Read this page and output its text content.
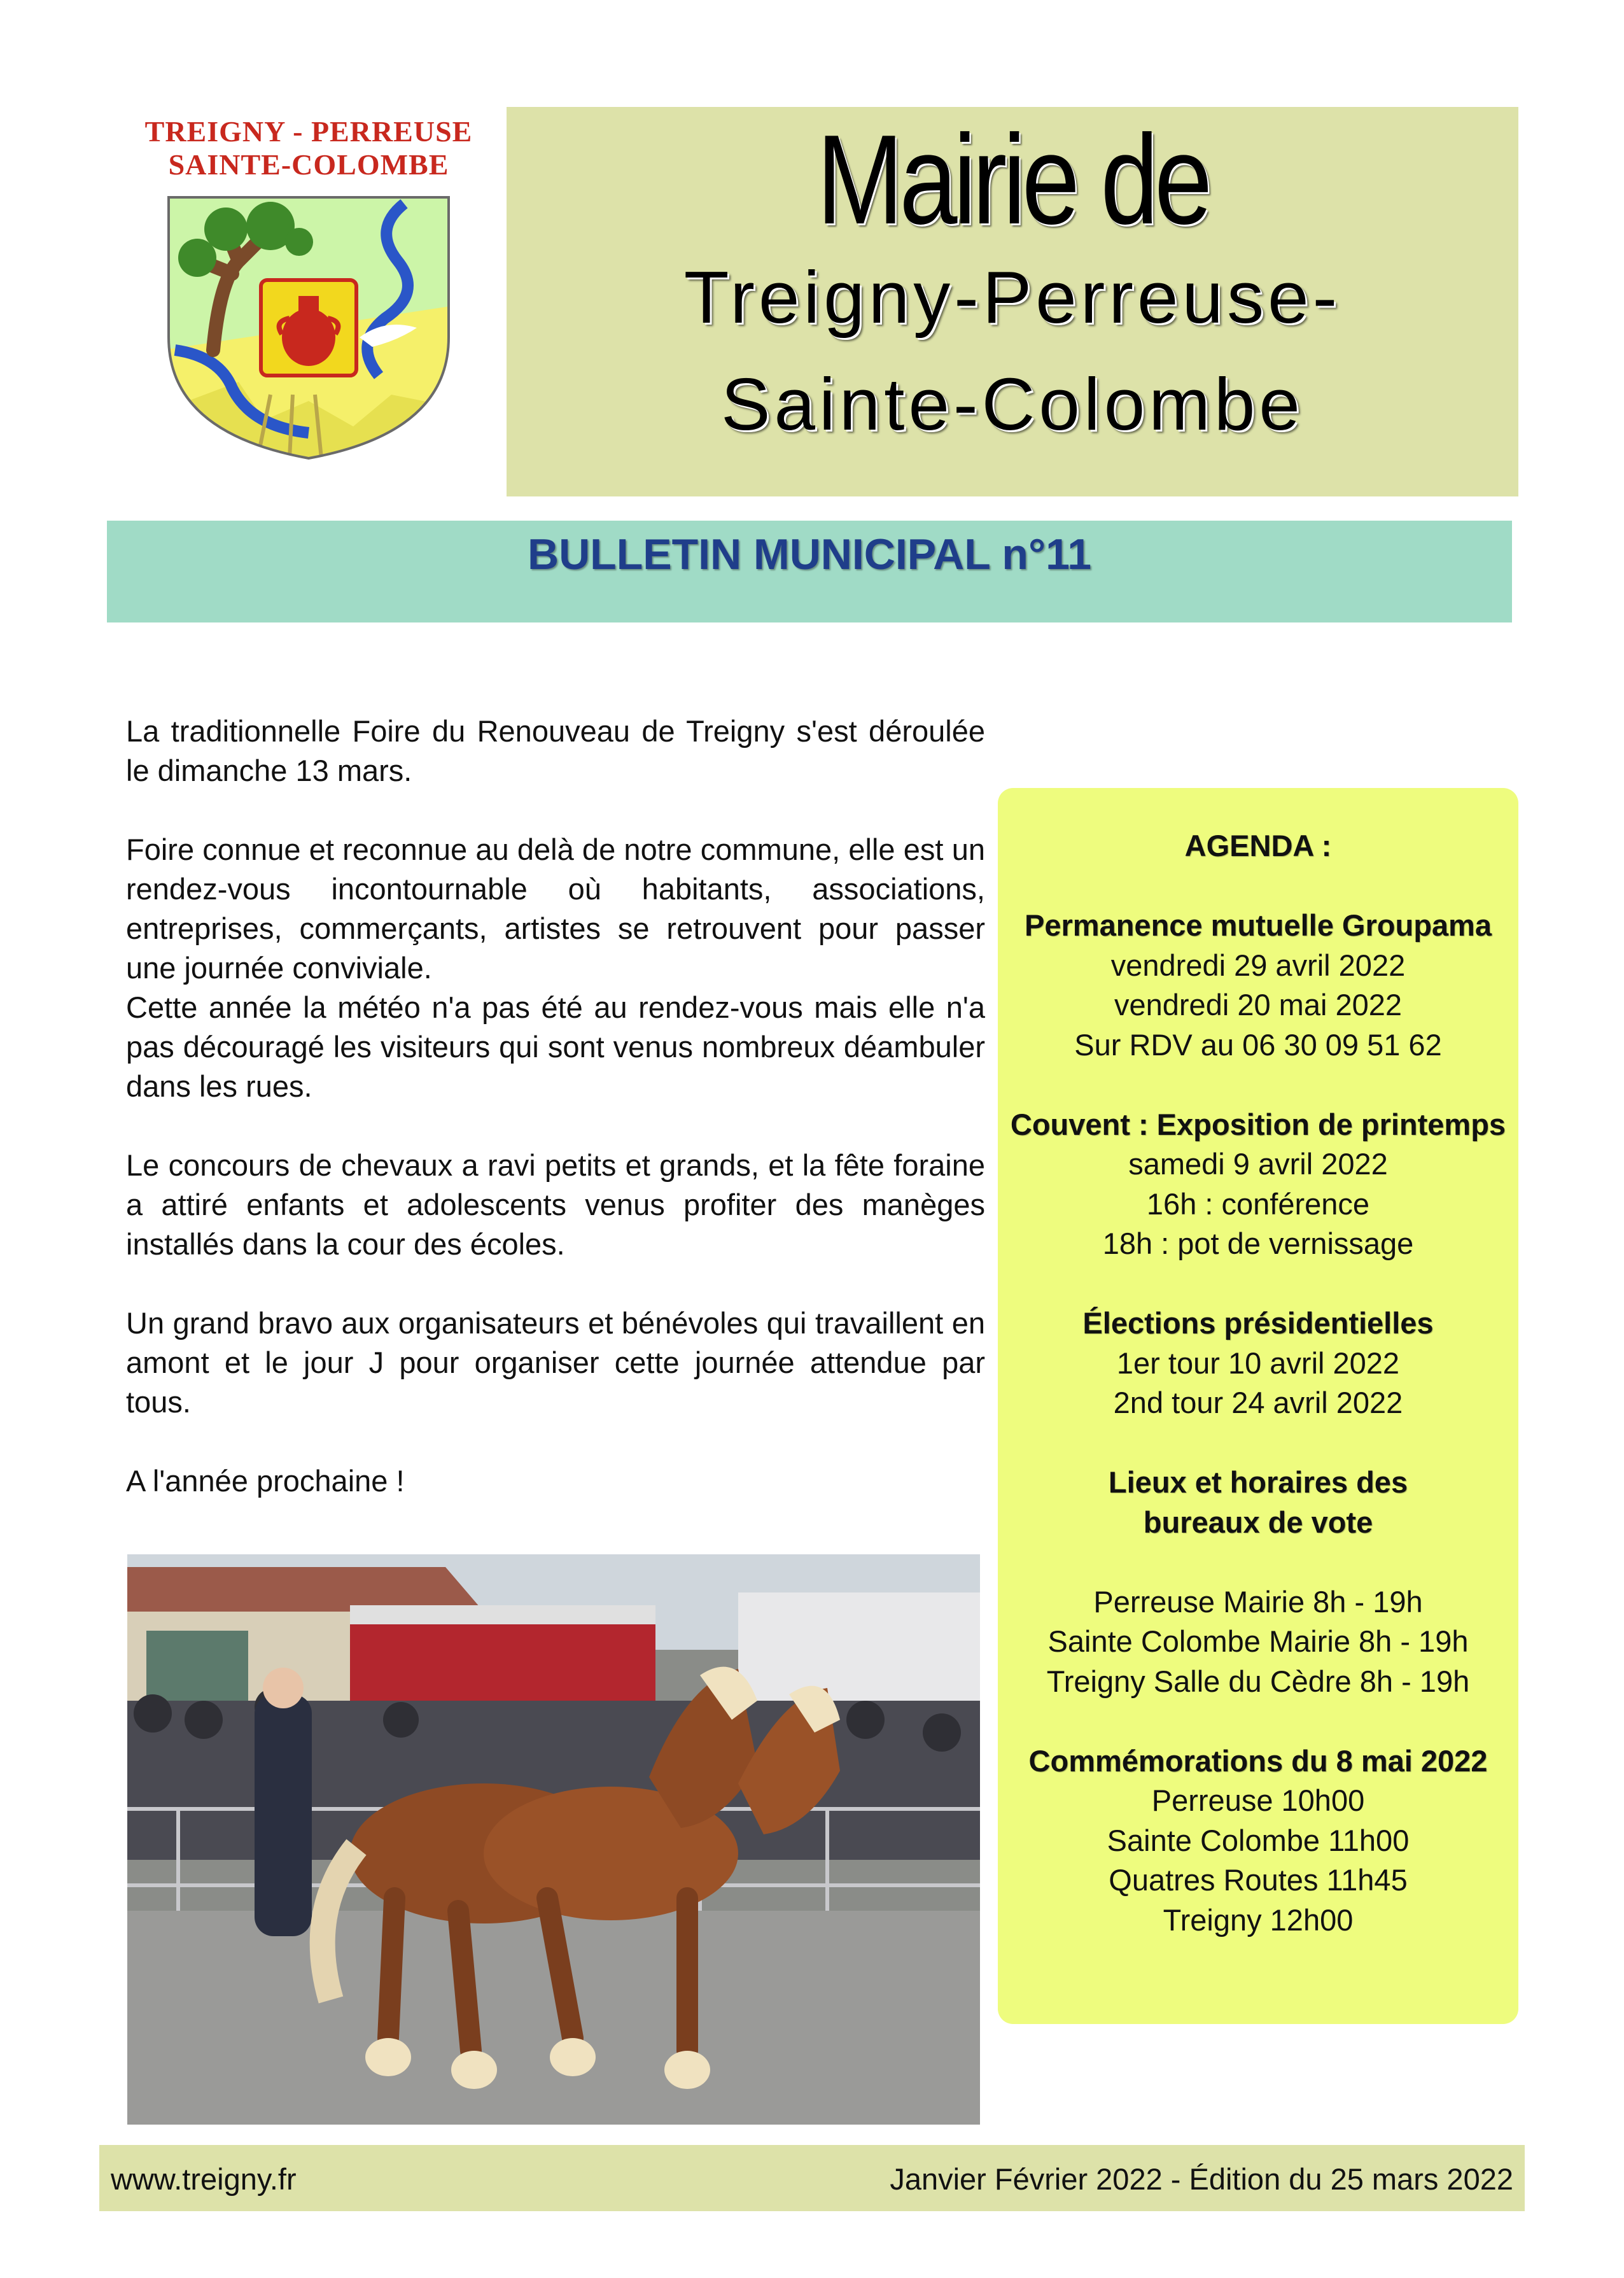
TREIGNY - PERREUSE
SAINTE-COLOMBE	Mairie de
Treigny-Perreuse-
Sainte-Colombe
BULLETIN MUNICIPAL n°11

La traditionnelle Foire du Renouveau de Treigny s'est déroulée le dimanche 13 mars.

Foire connue et reconnue au delà de notre commune, elle est un rendez-vous incontournable où habitants, associations, entreprises, commerçants, artistes se retrouvent pour passer une journée conviviale.

Cette année la météo n'a pas été au rendez-vous mais elle n'a pas découragé les visiteurs qui sont venus nombreux déambuler dans les rues.

Le concours de chevaux a ravi petits et grands, et la fête foraine a attiré enfants et adolescents venus profiter des manèges installés dans la cour des écoles.

Un grand bravo aux organisateurs et bénévoles qui travaillent en amont et le jour J pour organiser cette journée attendue par tous.

A l'année prochaine !

AGENDA :
Permanence mutuelle Groupama
vendredi 29 avril 2022
vendredi 20 mai 2022
Sur RDV au 06 30 09 51 62
Couvent : Exposition de printemps
samedi 9 avril 2022
16h : conférence
18h : pot de vernissage
Élections présidentielles
1er tour 10 avril 2022
2nd tour 24 avril 2022
Lieux et horaires des
bureaux de vote
Perreuse Mairie 8h - 19h
Sainte Colombe Mairie 8h - 19h
Treigny Salle du Cèdre 8h - 19h
Commémorations du 8 mai 2022
Perreuse 10h00
Sainte Colombe 11h00
Quatres Routes 11h45
Treigny 12h00
www.treigny.fr	Janvier Février 2022 - Édition du 25 mars 2022
